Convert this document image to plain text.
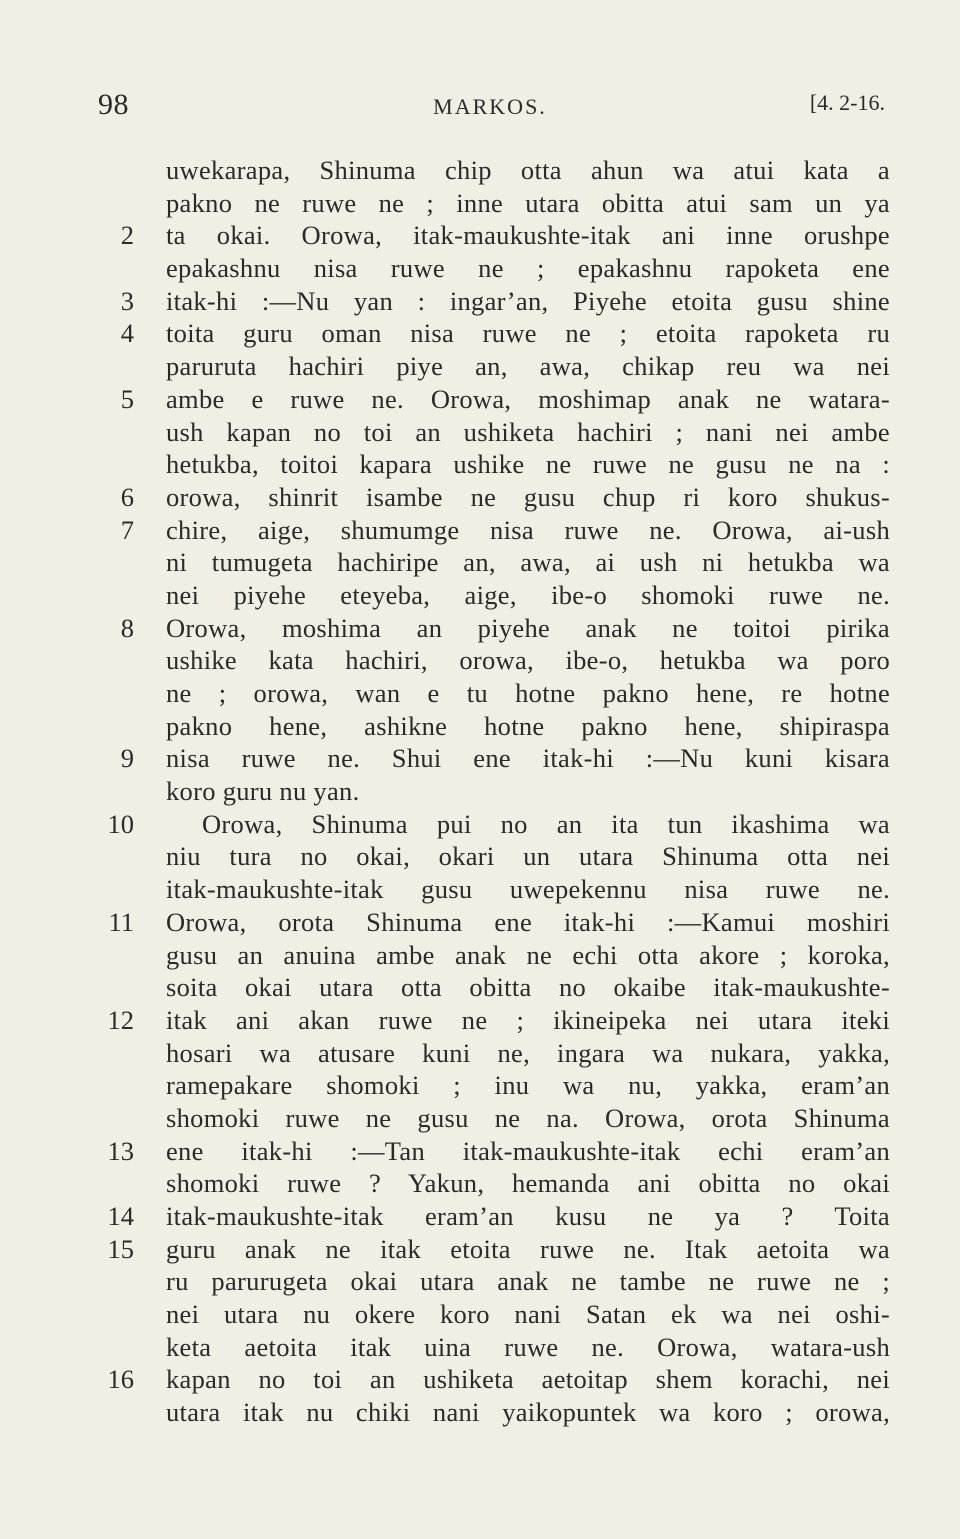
98	MARKOS.	[4. 2-16.
uwekarapa, Shinuma chip otta ahun wa atui kata a
pakno ne ruwe ne ; inne utara obitta atui sam un ya
2 ta okai. Orowa, itak-maukushte-itak ani inne orushpe
epakashnu nisa ruwe ne ; epakashnu rapoketa ene
3 itak-hi :—Nu yan : ingar’an, Piyehe etoita gusu shine
4 toita guru oman nisa ruwe ne ; etoita rapoketa ru
paruruta hachiri piye an, awa, chikap reu wa nei
5 ambe e ruwe ne. Orowa, moshimap anak ne watara-
ush kapan no toi an ushiketa hachiri ; nani nei ambe
hetukba, toitoi kapara ushike ne ruwe ne gusu ne na :
6 orowa, shinrit isambe ne gusu chup ri koro shukus-
7 chire, aige, shumumge nisa ruwe ne. Orowa, ai-ush
ni tumugeta hachiripe an, awa, ai ush ni hetukba wa
nei piyehe eteyeba, aige, ibe-o shomoki ruwe ne.
8 Orowa, moshima an piyehe anak ne toitoi pirika
ushike kata hachiri, orowa, ibe-o, hetukba wa poro
ne ; orowa, wan e tu hotne pakno hene, re hotne
pakno hene, ashikne hotne pakno hene, shipiraspa
9 nisa ruwe ne. Shui ene itak-hi :—Nu kuni kisara
koro guru nu yan.
10	Orowa, Shinuma pui no an ita tun ikashima wa
niu tura no okai, okari un utara Shinuma otta nei
itak-maukushte-itak gusu uwepekennu nisa ruwe ne.
11 Orowa, orota Shinuma ene itak-hi :—Kamui moshiri
gusu an anuina ambe anak ne echi otta akore ; koroka,
soita okai utara otta obitta no okaibe itak-maukushte-
12 itak ani akan ruwe ne ; ikineipeka nei utara iteki
hosari wa atusare kuni ne, ingara wa nukara, yakka,
ramepakare shomoki ; inu wa nu, yakka, eram’an
shomoki ruwe ne gusu ne na. Orowa, orota Shinuma
13 ene itak-hi :—Tan itak-maukushte-itak echi eram’an
shomoki ruwe ? Yakun, hemanda ani obitta no okai
14 itak-maukushte-itak eram’an kusu ne ya ? Toita
15 guru anak ne itak etoita ruwe ne. Itak aetoita wa
ru parurugeta okai utara anak ne tambe ne ruwe ne ;
nei utara nu okere koro nani Satan ek wa nei oshi-
keta aetoita itak uina ruwe ne. Orowa, watara-ush
16 kapan no toi an ushiketa aetoitap shem korachi, nei
utara itak nu chiki nani yaikopuntek wa koro ; orowa,
